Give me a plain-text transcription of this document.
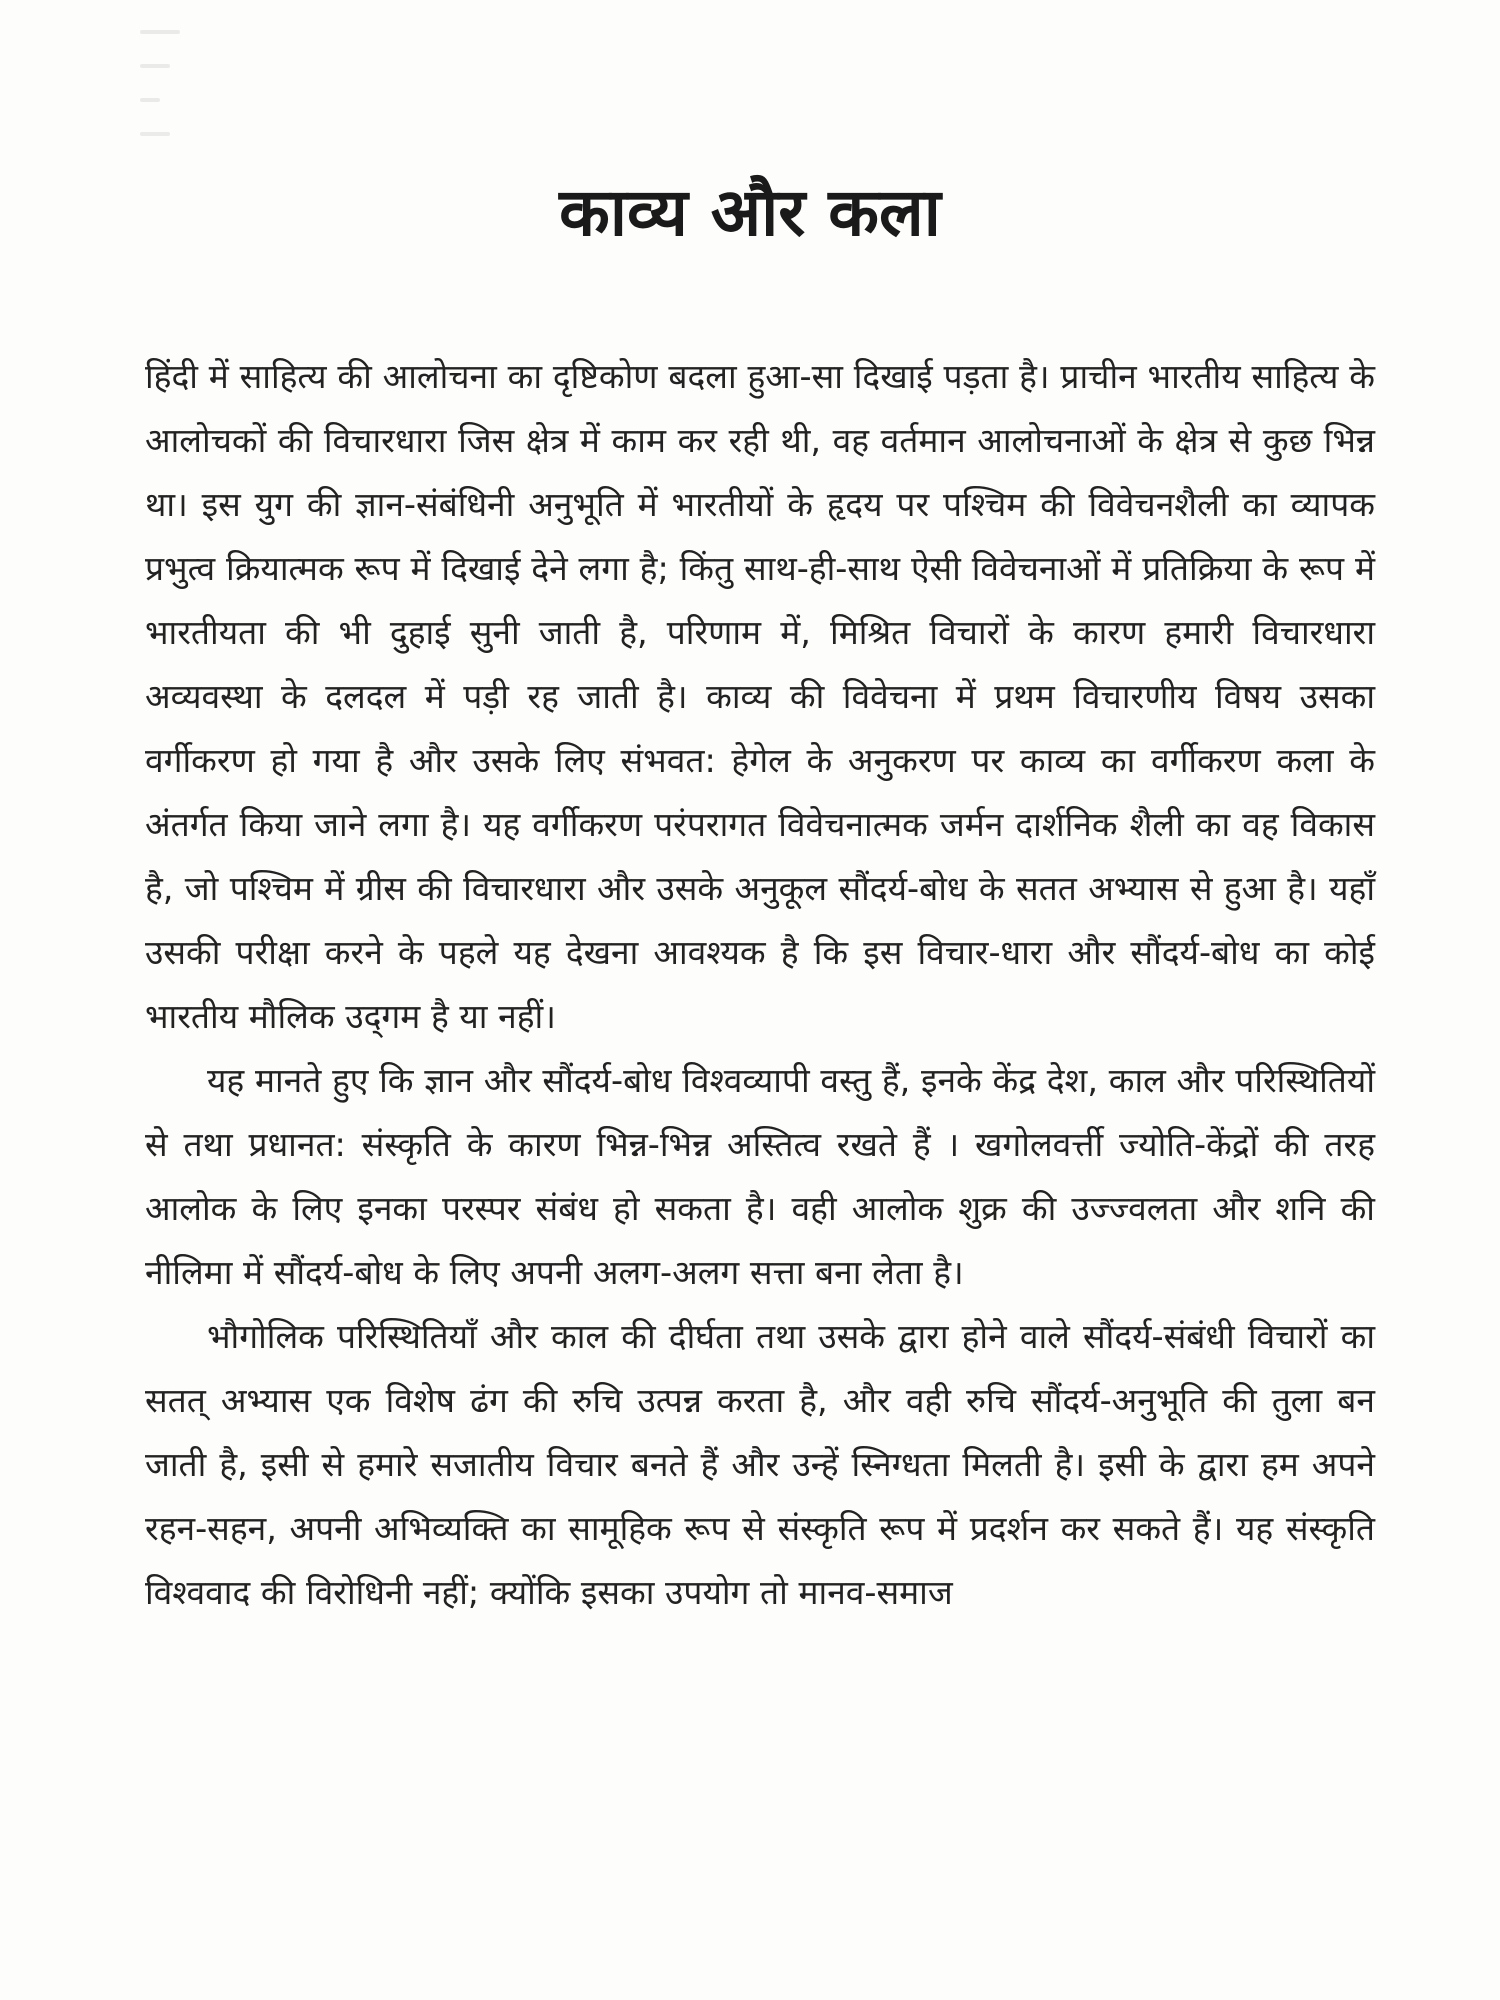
काव्य और कला

हिंदी में साहित्य की आलोचना का दृष्टिकोण बदला हुआ-सा दिखाई पड़ता है। प्राचीन भारतीय साहित्य के आलोचकों की विचारधारा जिस क्षेत्र में काम कर रही थी, वह वर्तमान आलोचनाओं के क्षेत्र से कुछ भिन्न था। इस युग की ज्ञान-संबंधिनी अनुभूति में भारतीयों के हृदय पर पश्चिम की विवेचनशैली का व्यापक प्रभुत्व क्रियात्मक रूप में दिखाई देने लगा है; किंतु साथ-ही-साथ ऐसी विवेचनाओं में प्रतिक्रिया के रूप में भारतीयता की भी दुहाई सुनी जाती है, परिणाम में, मिश्रित विचारों के कारण हमारी विचारधारा अव्यवस्था के दलदल में पड़ी रह जाती है। काव्य की विवेचना में प्रथम विचारणीय विषय उसका वर्गीकरण हो गया है और उसके लिए संभवत: हेगेल के अनुकरण पर काव्य का वर्गीकरण कला के अंतर्गत किया जाने लगा है। यह वर्गीकरण परंपरागत विवेचनात्मक जर्मन दार्शनिक शैली का वह विकास है, जो पश्चिम में ग्रीस की विचारधारा और उसके अनुकूल सौंदर्य-बोध के सतत अभ्यास से हुआ है। यहाँ उसकी परीक्षा करने के पहले यह देखना आवश्यक है कि इस विचार-धारा और सौंदर्य-बोध का कोई भारतीय मौलिक उद्‌गम है या नहीं।

यह मानते हुए कि ज्ञान और सौंदर्य-बोध विश्वव्यापी वस्तु हैं, इनके केंद्र देश, काल और परिस्थितियों से तथा प्रधानत: संस्कृति के कारण भिन्न-भिन्न अस्तित्व रखते हैं । खगोलवर्त्ती ज्योति-केंद्रों की तरह आलोक के लिए इनका परस्पर संबंध हो सकता है। वही आलोक शुक्र की उज्ज्वलता और शनि की नीलिमा में सौंदर्य-बोध के लिए अपनी अलग-अलग सत्ता बना लेता है।

भौगोलिक परिस्थितियाँ और काल की दीर्घता तथा उसके द्वारा होने वाले सौंदर्य-संबंधी विचारों का सतत्‌ अभ्यास एक विशेष ढंग की रुचि उत्पन्न करता है, और वही रुचि सौंदर्य-अनुभूति की तुला बन जाती है, इसी से हमारे सजातीय विचार बनते हैं और उन्हें स्निग्धता मिलती है। इसी के द्वारा हम अपने रहन-सहन, अपनी अभिव्यक्ति का सामूहिक रूप से संस्कृति रूप में प्रदर्शन कर सकते हैं। यह संस्कृति विश्ववाद की विरोधिनी नहीं; क्योंकि इसका उपयोग तो मानव-समाज
